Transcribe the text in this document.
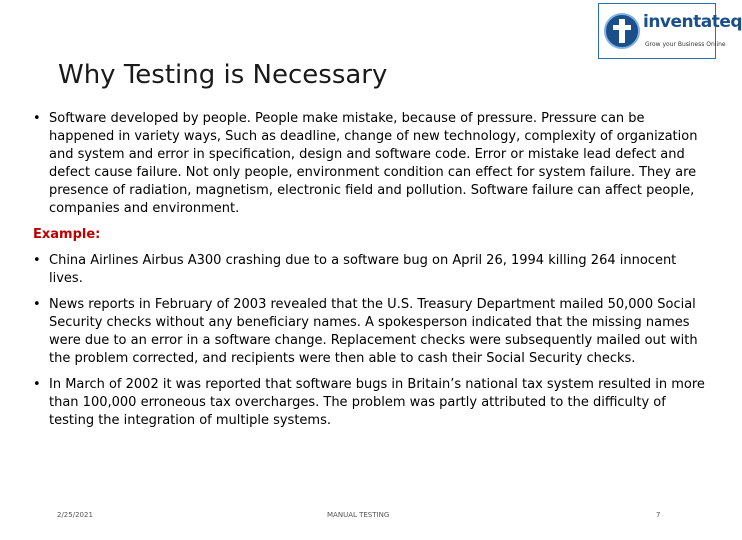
inventateq
Grow your Business Online
Why Testing is Necessary

• Software developed by people. People make mistake, because of pressure. Pressure can be happened in variety ways, Such as deadline, change of new technology, complexity of organization and system and error in specification, design and software code. Error or mistake lead defect and defect cause failure. Not only people, environment condition can effect for system failure. They are presence of radiation, magnetism, electronic field and pollution. Software failure can affect people, companies and environment.

Example:

• China Airlines Airbus A300 crashing due to a software bug on April 26, 1994 killing 264 innocent lives.

• News reports in February of 2003 revealed that the U.S. Treasury Department mailed 50,000 Social Security checks without any beneficiary names. A spokesperson indicated that the missing names were due to an error in a software change. Replacement checks were subsequently mailed out with the problem corrected, and recipients were then able to cash their Social Security checks.

• In March of 2002 it was reported that software bugs in Britain’s national tax system resulted in more than 100,000 erroneous tax overcharges. The problem was partly attributed to the difficulty of testing the integration of multiple systems.

2/25/2021	MANUAL TESTING	7
